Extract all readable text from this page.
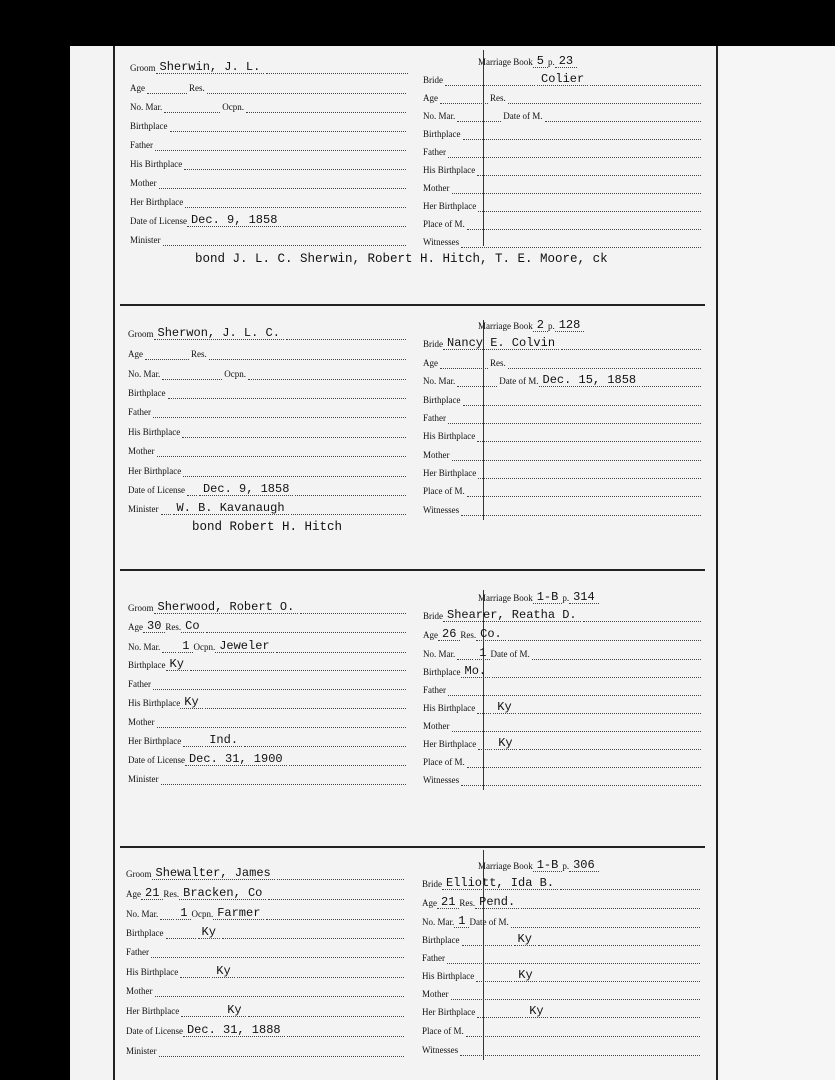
Groom Sherwin, J. L.
Age	Res.
No. Mar.	Ocpn.
Birthplace
Father
His Birthplace
Mother
Her Birthplace
Date of License Dec. 9, 1858
Minister
Marriage Book 5 p. 23
Bride	Colier
Age	Res.
No. Mar.	Date of M.
Birthplace
Father
His Birthplace
Mother
Her Birthplace
Place of M.
Witnesses
bond J. L. C. Sherwin, Robert H. Hitch, T. E. Moore, ck
Groom Sherwon, J. L. C.
Age	Res.
No. Mar.	Ocpn.
Birthplace
Father
His Birthplace
Mother
Her Birthplace
Date of License	Dec. 9, 1858
Minister	W. B. Kavanaugh
Marriage Book 2 p. 128
Bride Nancy E. Colvin
Age	Res.
No. Mar.	Date of M. Dec. 15, 1858
Birthplace
Father
His Birthplace
Mother
Her Birthplace
Place of M.
Witnesses
bond Robert H. Hitch
Groom Sherwood, Robert O.
Age 30 Res. Co
No. Mar.	1 Ocpn. Jeweler
Birthplace Ky
Father
His Birthplace Ky
Mother
Her Birthplace	Ind.
Date of License Dec. 31, 1900
Minister
Marriage Book 1-B p. 314
Bride Shearer, Reatha D.
Age 26 Res. Co.
No. Mar.	1 Date of M.
Birthplace Mo.
Father
His Birthplace	Ky
Mother
Her Birthplace	Ky
Place of M.
Witnesses
Groom Shewalter, James
Age 21 Res. Bracken, Co
No. Mar.	1 Ocpn. Farmer
Birthplace	Ky
Father
His Birthplace	Ky
Mother
Her Birthplace	Ky
Date of License Dec. 31, 1888
Minister
Marriage Book 1-B p. 306
Bride Elliott, Ida B.
Age 21 Res. Pend.
No. Mar. 1 Date of M.
Birthplace	Ky
Father
His Birthplace	Ky
Mother
Her Birthplace	Ky
Place of M.
Witnesses
